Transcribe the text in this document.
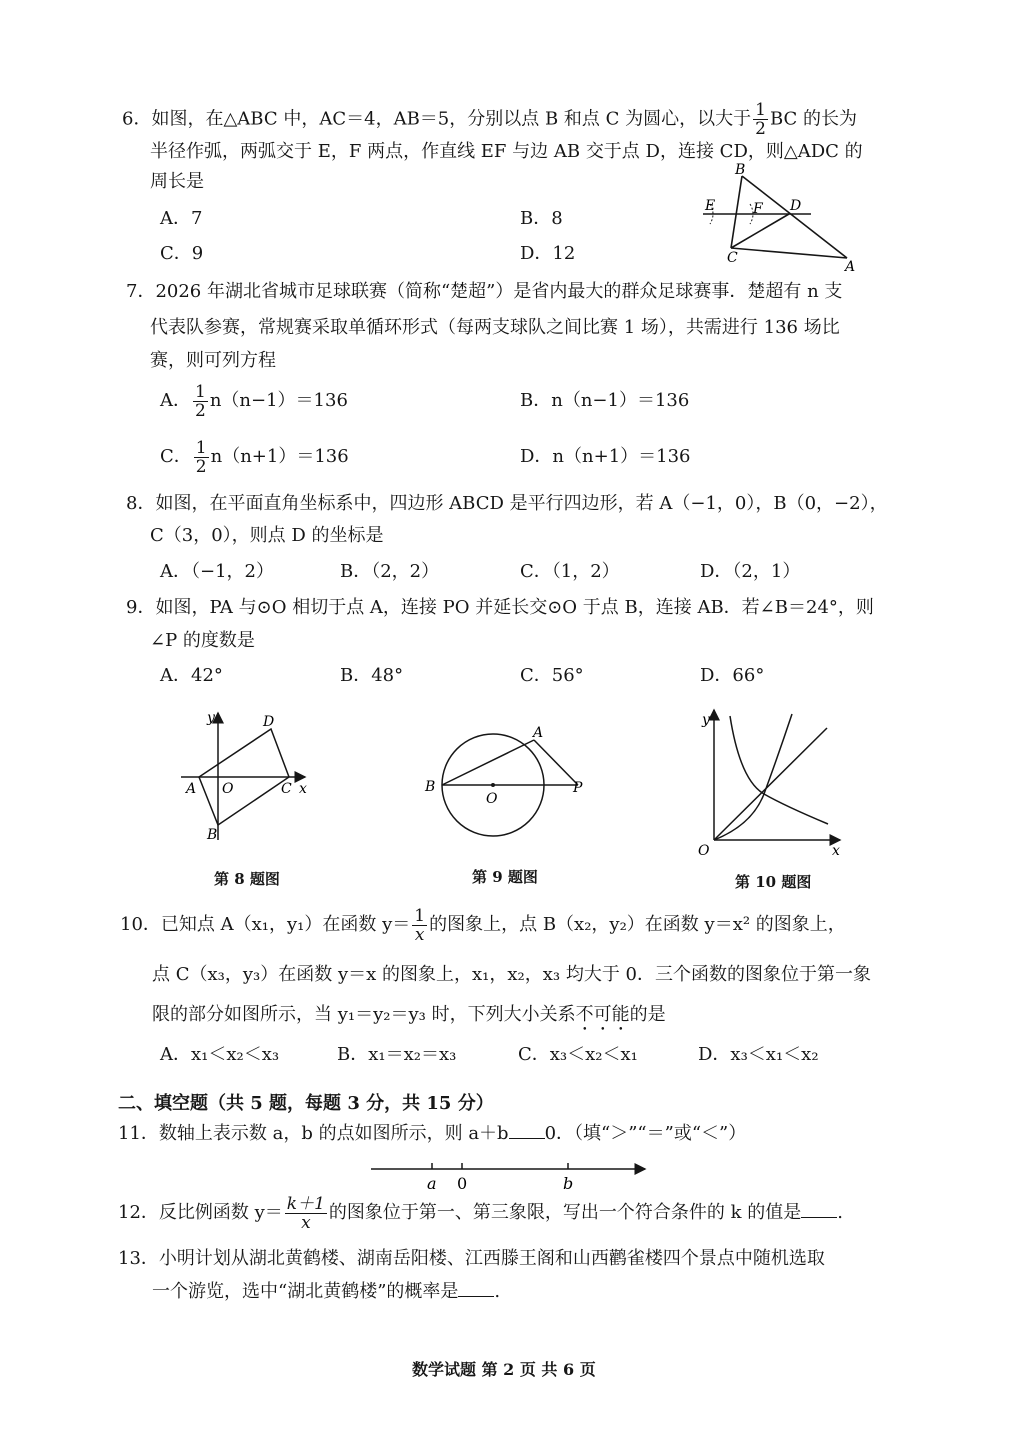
6．如图，在△ABC 中，AC＝4，AB＝5，分别以点 B 和点 C 为圆心，以大于 $\frac{1}{2}$ BC 的长为
半径作弧，两弧交于 E，F 两点，作直线 EF 与边 AB 交于点 D，连接 CD，则△ADC 的
周长是
A．7	B．8
C．9	D．12
B
E	F D
C
A
7．2026 年湖北省城市足球联赛（简称“楚超”）是省内最大的群众足球赛事．楚超有 n 支
代表队参赛，常规赛采取单循环形式（每两支球队之间比赛 1 场），共需进行 136 场比
赛，则可列方程
A． $\frac{1}{2} n(n-1)=136$	B．n（n−1）＝136
C． $\frac{1}{2} n(n+1)=136$	D．n（n+1）＝136
8．如图，在平面直角坐标系中，四边形 ABCD 是平行四边形，若 A（−1，0），B（0，−2），
C（3，0），则点 D 的坐标是
A．（−1，2）	B．（2，2）	C．（1，2）	D．（2，1）
9．如图，PA 与⊙O 相切于点 A，连接 PO 并延长交⊙O 于点 B，连接 AB．若∠B＝24°，则
∠P 的度数是
A．42°	B．48°	C．56°	D．66°
y	D
A O	C x
B
第 8 题图
A
B
O
P
第 9 题图
y
O	x
第 10 题图
10．已知点 A（x₁，y₁）在函数 $y= \frac{1}{x}$ 的图象上，点 B（x₂，y₂）在函数 y＝x² 的图象上，
点 C（x₃，y₃）在函数 y＝x 的图象上，x₁，x₂，x₃ 均大于 0．三个函数的图象位于第一象
限的部分如图所示，当 y₁＝y₂＝y₃ 时，下列大小关系不可能的是
A．x₁＜x₂＜x₃	B．x₁＝x₂＝x₃	C．x₃＜x₂＜x₁	D．x₃＜x₁＜x₂
二、填空题（共 5 题，每题 3 分，共 15 分）
11．数轴上表示数 a，b 的点如图所示，则 a＋b 0．（填“＞”“＝”或“＜”）
a 0	b
12．反比例函数 $y= \frac{k+1}{x}$ 的图象位于第一、第三象限，写出一个符合条件的 k 的值是 .
13．小明计划从湖北黄鹤楼、湖南岳阳楼、江西滕王阁和山西鹳雀楼四个景点中随机选取
一个游览，选中“湖北黄鹤楼”的概率是 .
数学试题 第 2 页 共 6 页
